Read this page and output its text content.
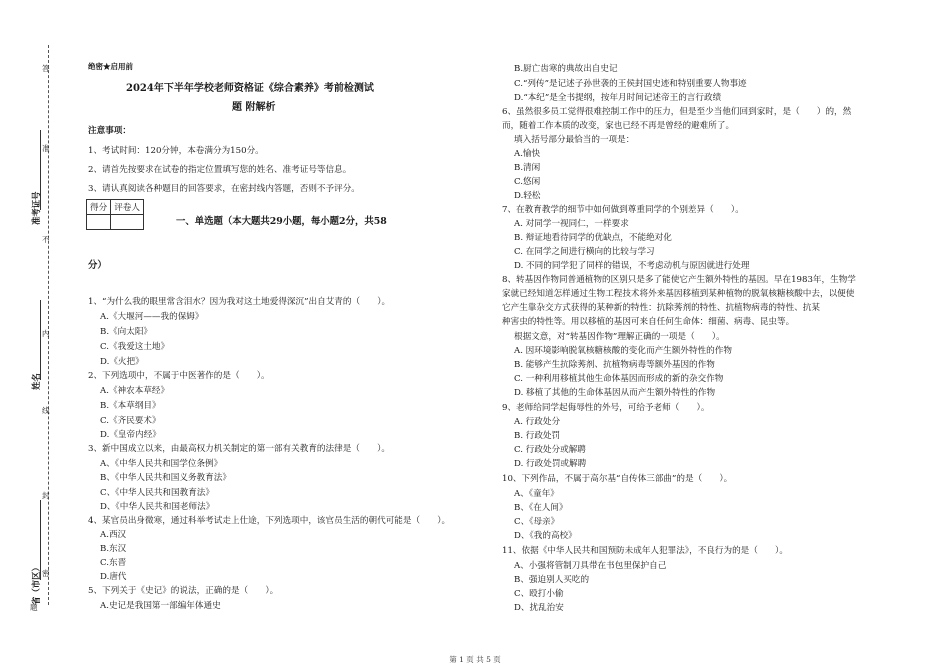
答
准
不
内
线
封
密
题
准考证号
姓名
省（市区）
绝密★启用前
2024年下半年学校老师资格证《综合素养》考前检测试
题 附解析
注意事项：
1、考试时间：120分钟，本卷满分为150分。
2、请首先按要求在试卷的指定位置填写您的姓名、准考证号等信息。
3、请认真阅读各种题目的回答要求，在密封线内答题，否则不予评分。
得分	评卷人

一、单选题（本大题共29小题，每小题2分，共58
分）
1、“为什么我的眼里常含泪水？因为我对这土地爱得深沉”出自艾青的（　　）。
A.《大堰河——我的保姆》
B.《向太阳》
C.《我爱这土地》
D.《火把》
2、下列选项中，不属于中医著作的是（　　）。
A.《神农本草经》
B.《本草纲目》
C.《齐民要术》
D.《皇帝内经》
3、新中国成立以来，由最高权力机关制定的第一部有关教育的法律是（　　）。
A、《中华人民共和国学位条例》
B、《中华人民共和国义务教育法》
C、《中华人民共和国教育法》
D、《中华人民共和国老师法》
4、某官员出身微寒，通过科举考试走上仕途，下列选项中，该官员生活的朝代可能是（　　）。
A.西汉
B.东汉
C.东晋
D.唐代
5、下列关于《史记》的说法，正确的是（　　）。
A.史记是我国第一部编年体通史
B.厨亡齿寒的典故出自史记
C.“列传”是记述子孙世袭的王侯封国史迹和特别重要人物事迹
D.“本纪”是全书提纲，按年月时间记述帝王的言行政绩
6、虽然很多员工觉得很难控制工作中的压力，但是至少当他们回到家时，是（　　）的，然
而，随着工作本质的改变，家也已经不再是曾经的避难所了。
填入括号部分最恰当的一项是：
A.愉快
B.清闲
C.悠闲
D.轻松
7、在教育教学的细节中如何做到尊重同学的个别差异（　　）。
A. 对同学一视同仁，一样要求
B. 辩证地看待同学的优缺点，不能绝对化
C. 在同学之间进行横向的比较与学习
D. 不同的同学犯了同样的错误，不考虑动机与原因就进行处理
8、转基因作物同普通植物的区别只是多了能使它产生额外特性的基因。早在1983年，生物学
家就已经知道怎样通过生物工程技术将外来基因移植到某种植物的脱氧核糖核酸中去，以便使
它产生靠杂交方式获得的某种新的特性：抗除莠剂的特性、抗植物病毒的特性、抗某
种害虫的特性等。用以移植的基因可来自任何生命体：细菌、病毒、昆虫等。
根据文意，对“转基因作物”理解正确的一项是（　　）。
A. 因环境影响脱氧核糖核酸的变化而产生额外特性的作物
B. 能够产生抗除莠剂、抗植物病毒等额外基因的作物
C. 一种利用移植其他生命体基因而形成的新的杂交作物
D. 移植了其他的生命体基因从而产生额外特性的作物
9、老师给同学起侮辱性的外号，可给予老师（　　）。
A. 行政处分
B. 行政处罚
C. 行政处分或解聘
D. 行政处罚或解聘
10、下列作品，不属于高尔基“自传体三部曲”的是（　　）。
A、《童年》
B、《在人间》
C、《母亲》
D、《我的高校》
11、依据《中华人民共和国预防未成年人犯罪法》，不良行为的是（　　）。
A、小强将管制刀具带在书包里保护自己
B、强迫别人买吃的
C、殴打小偷
D、扰乱治安
第 1 页 共 5 页
